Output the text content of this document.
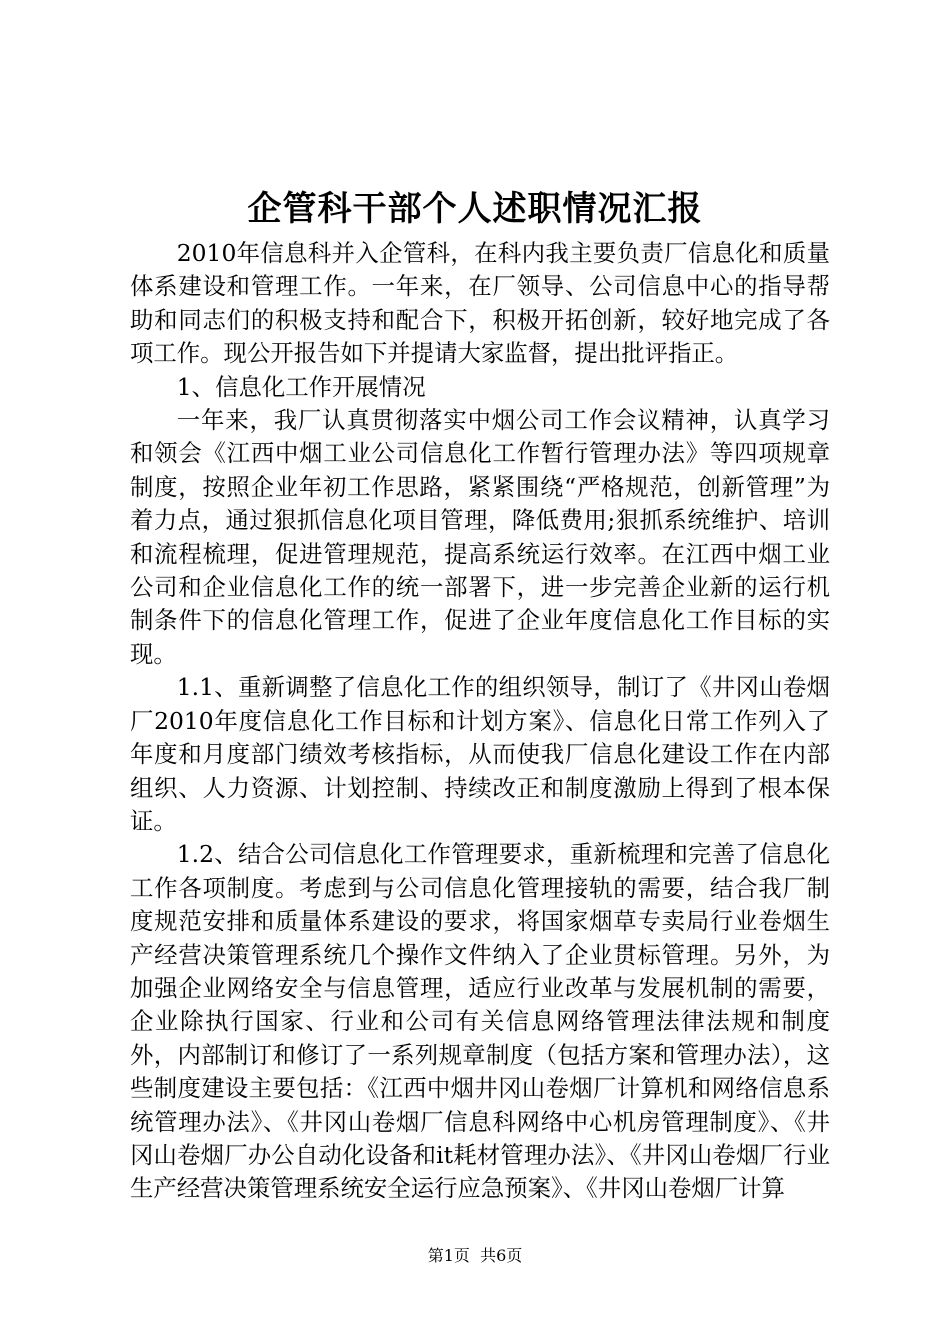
企管科干部个人述职情况汇报

2010年信息科并入企管科，在科内我主要负责厂信息化和质量体系建设和管理工作。一年来，在厂领导、公司信息中心的指导帮助和同志们的积极支持和配合下，积极开拓创新，较好地完成了各项工作。现公开报告如下并提请大家监督，提出批评指正。

1、信息化工作开展情况

一年来，我厂认真贯彻落实中烟公司工作会议精神，认真学习和领会《江西中烟工业公司信息化工作暂行管理办法》等四项规章制度，按照企业年初工作思路，紧紧围绕“严格规范，创新管理”为着力点，通过狠抓信息化项目管理，降低费用;狠抓系统维护、培训和流程梳理，促进管理规范，提高系统运行效率。在江西中烟工业公司和企业信息化工作的统一部署下，进一步完善企业新的运行机制条件下的信息化管理工作，促进了企业年度信息化工作目标的实现。

1.1、重新调整了信息化工作的组织领导，制订了《井冈山卷烟厂2010年度信息化工作目标和计划方案》、信息化日常工作列入了年度和月度部门绩效考核指标，从而使我厂信息化建设工作在内部组织、人力资源、计划控制、持续改正和制度激励上得到了根本保证。

1.2、结合公司信息化工作管理要求，重新梳理和完善了信息化工作各项制度。考虑到与公司信息化管理接轨的需要，结合我厂制度规范安排和质量体系建设的要求，将国家烟草专卖局行业卷烟生产经营决策管理系统几个操作文件纳入了企业贯标管理。另外，为加强企业网络安全与信息管理，适应行业改革与发展机制的需要，企业除执行国家、行业和公司有关信息网络管理法律法规和制度外，内部制订和修订了一系列规章制度（包括方案和管理办法），这些制度建设主要包括：《江西中烟井冈山卷烟厂计算机和网络信息系统管理办法》、《井冈山卷烟厂信息科网络中心机房管理制度》、《井冈山卷烟厂办公自动化设备和it耗材管理办法》、《井冈山卷烟厂行业生产经营决策管理系统安全运行应急预案》、《井冈山卷烟厂计算

第1页  共6页
